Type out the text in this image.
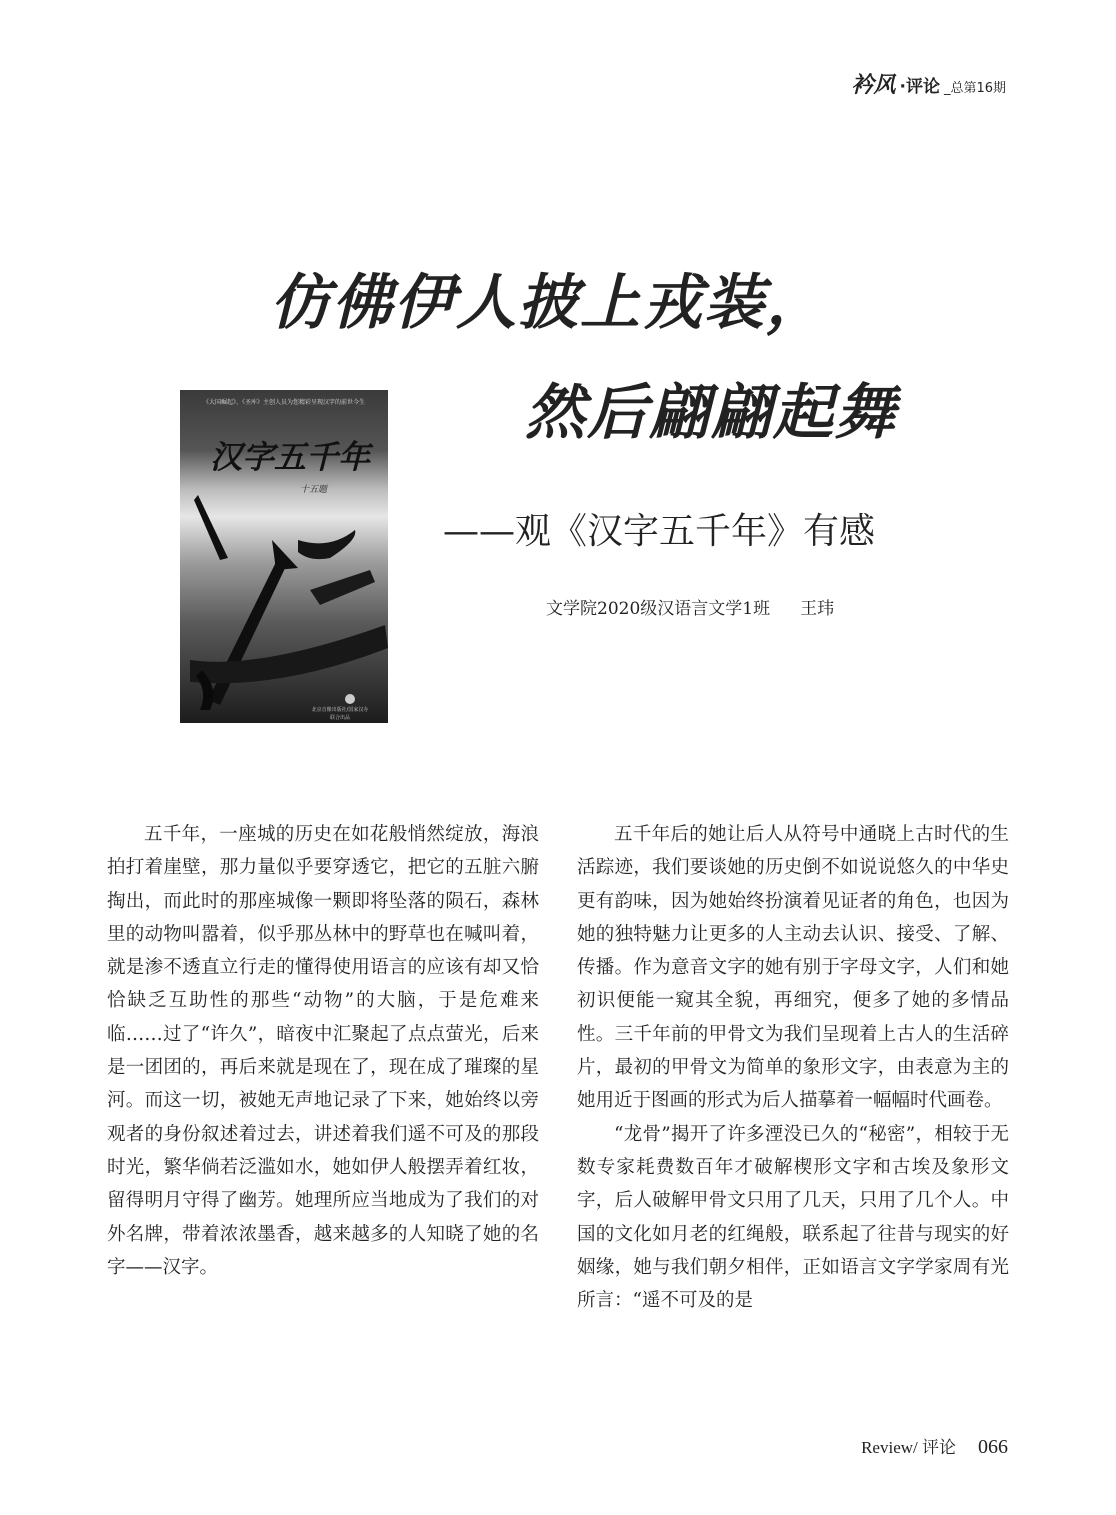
衿风 ·评论 _总第16期
仿佛伊人披上戎装，
然后翩翩起舞
——观《汉字五千年》有感
文学院2020级汉语言文学1班 王玮
《大国崛起》、《圣库》主创人员为您精彩呈现汉字的前世今生
汉字五千年
十五题
北京音像出版社/国家汉办
联合出品

五千年，一座城的历史在如花般悄然绽放，海浪拍打着崖壁，那力量似乎要穿透它，把它的五脏六腑掏出，而此时的那座城像一颗即将坠落的陨石，森林里的动物叫嚣着，似乎那丛林中的野草也在喊叫着，就是渗不透直立行走的懂得使用语言的应该有却又恰恰缺乏互助性的那些“动物”的大脑，于是危难来临……过了“许久”，暗夜中汇聚起了点点萤光，后来是一团团的，再后来就是现在了，现在成了璀璨的星河。而这一切，被她无声地记录了下来，她始终以旁观者的身份叙述着过去，讲述着我们遥不可及的那段时光，繁华倘若泛滥如水，她如伊人般摆弄着红妆，留得明月守得了幽芳。她理所应当地成为了我们的对外名牌，带着浓浓墨香，越来越多的人知晓了她的名字——汉字。

五千年后的她让后人从符号中通晓上古时代的生活踪迹，我们要谈她的历史倒不如说说悠久的中华史更有韵味，因为她始终扮演着见证者的角色，也因为她的独特魅力让更多的人主动去认识、接受、了解、传播。作为意音文字的她有别于字母文字，人们和她初识便能一窥其全貌，再细究，便多了她的多情品性。三千年前的甲骨文为我们呈现着上古人的生活碎片，最初的甲骨文为简单的象形文字，由表意为主的她用近于图画的形式为后人描摹着一幅幅时代画卷。

“龙骨”揭开了许多湮没已久的“秘密”，相较于无数专家耗费数百年才破解楔形文字和古埃及象形文字，后人破解甲骨文只用了几天，只用了几个人。中国的文化如月老的红绳般，联系起了往昔与现实的好姻缘，她与我们朝夕相伴，正如语言文字学家周有光所言：“遥不可及的是

Review/ 评论 066
